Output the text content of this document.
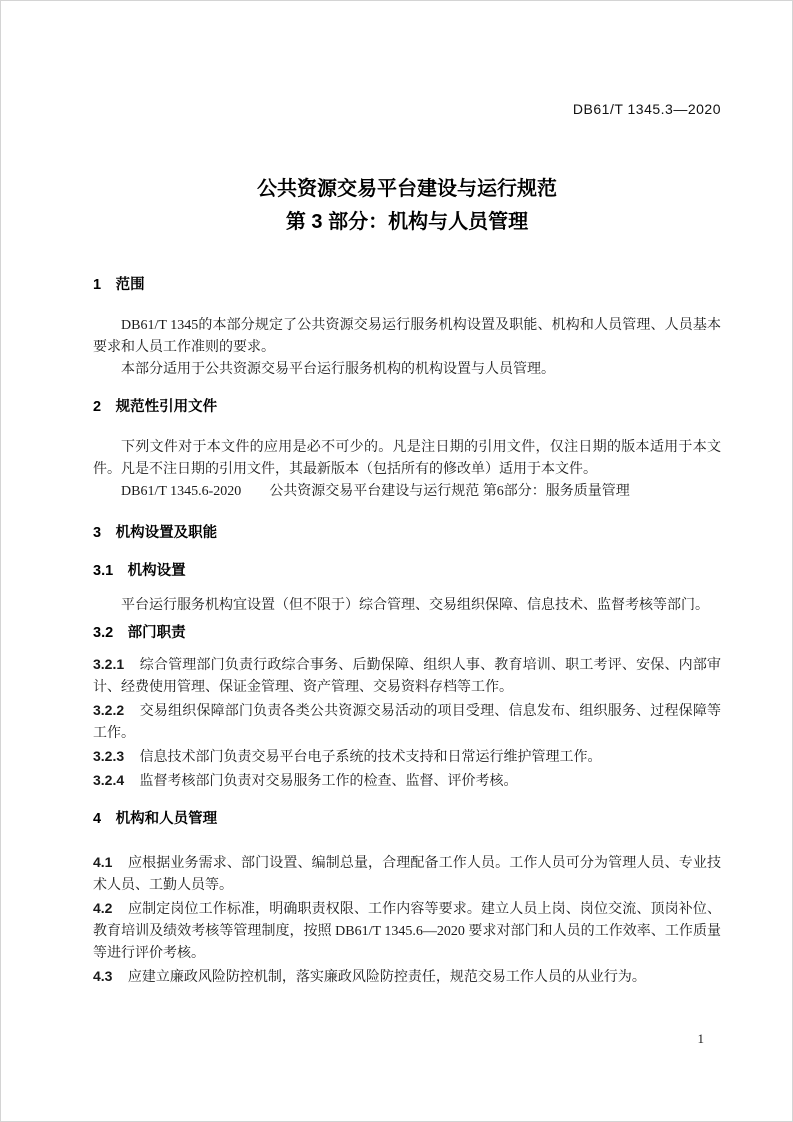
DB61/T 1345.3—2020
公共资源交易平台建设与运行规范
第 3 部分：机构与人员管理
1 范围

DB61/T 1345的本部分规定了公共资源交易运行服务机构设置及职能、机构和人员管理、人员基本要求和人员工作准则的要求。

本部分适用于公共资源交易平台运行服务机构的机构设置与人员管理。

2 规范性引用文件

下列文件对于本文件的应用是必不可少的。凡是注日期的引用文件，仅注日期的版本适用于本文件。凡是不注日期的引用文件，其最新版本（包括所有的修改单）适用于本文件。

DB61/T 1345.6-2020 公共资源交易平台建设与运行规范 第6部分：服务质量管理

3 机构设置及职能
3.1 机构设置

平台运行服务机构宜设置（但不限于）综合管理、交易组织保障、信息技术、监督考核等部门。

3.2 部门职责

3.2.1 综合管理部门负责行政综合事务、后勤保障、组织人事、教育培训、职工考评、安保、内部审计、经费使用管理、保证金管理、资产管理、交易资料存档等工作。

3.2.2 交易组织保障部门负责各类公共资源交易活动的项目受理、信息发布、组织服务、过程保障等工作。

3.2.3 信息技术部门负责交易平台电子系统的技术支持和日常运行维护管理工作。

3.2.4 监督考核部门负责对交易服务工作的检查、监督、评价考核。

4 机构和人员管理

4.1 应根据业务需求、部门设置、编制总量，合理配备工作人员。工作人员可分为管理人员、专业技术人员、工勤人员等。

4.2 应制定岗位工作标准，明确职责权限、工作内容等要求。建立人员上岗、岗位交流、顶岗补位、教育培训及绩效考核等管理制度，按照 DB61/T 1345.6—2020 要求对部门和人员的工作效率、工作质量等进行评价考核。

4.3 应建立廉政风险防控机制，落实廉政风险防控责任，规范交易工作人员的从业行为。

1
